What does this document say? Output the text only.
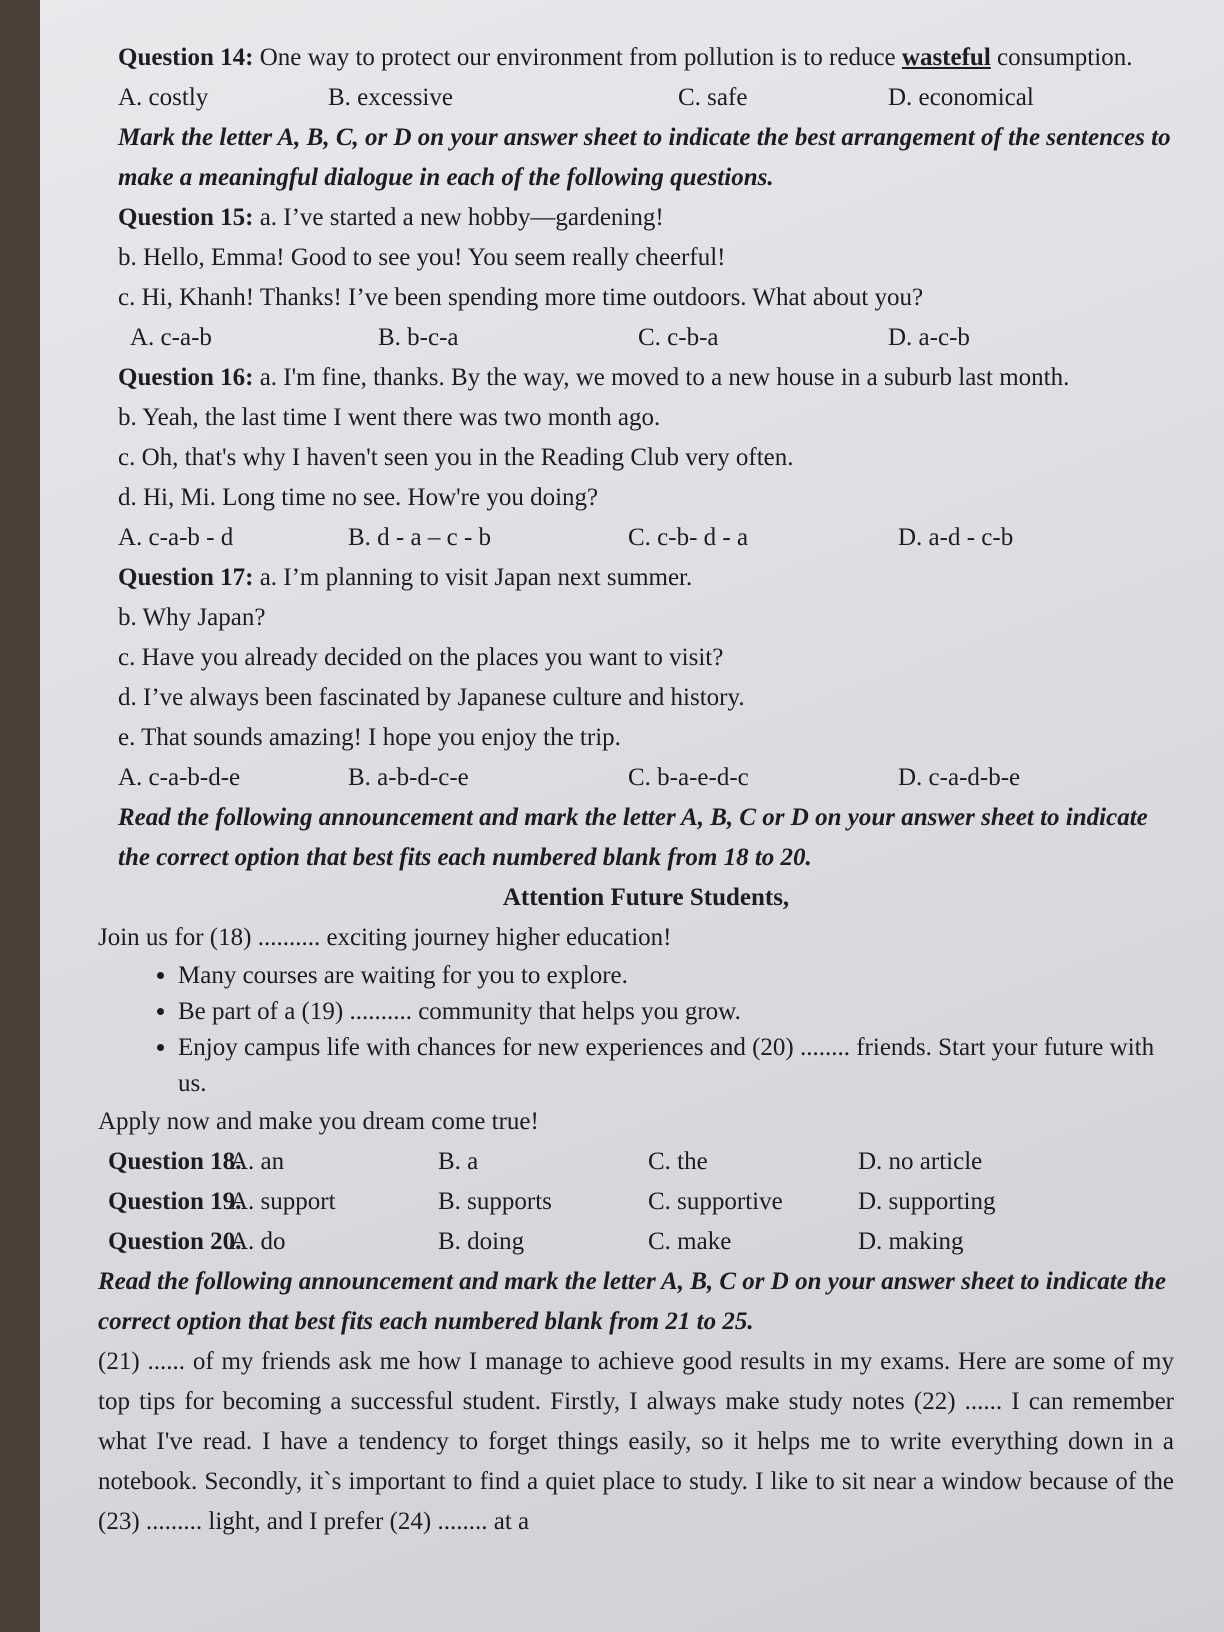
Question 14: One way to protect our environment from pollution is to reduce wasteful consumption.

A. costly	B. excessive	C. safe	D. economical

Mark the letter A, B, C, or D on your answer sheet to indicate the best arrangement of the sentences to make a meaningful dialogue in each of the following questions.

Question 15: a. I’ve started a new hobby—gardening!

b. Hello, Emma! Good to see you! You seem really cheerful!

c. Hi, Khanh! Thanks! I’ve been spending more time outdoors. What about you?

A. c-a-b	B. b-c-a	C. c-b-a	D. a-c-b

Question 16: a. I'm fine, thanks. By the way, we moved to a new house in a suburb last month.

b. Yeah, the last time I went there was two month ago.

c. Oh, that's why I haven't seen you in the Reading Club very often.

d. Hi, Mi. Long time no see. How're you doing?

A. c-a-b - d	B. d - a – c - b	C. c-b- d - a	D. a-d - c-b

Question 17: a. I’m planning to visit Japan next summer.

b. Why Japan?

c. Have you already decided on the places you want to visit?

d. I’ve always been fascinated by Japanese culture and history.

e. That sounds amazing! I hope you enjoy the trip.

A. c-a-b-d-e	B. a-b-d-c-e	C. b-a-e-d-c	D. c-a-d-b-e

Read the following announcement and mark the letter A, B, C or D on your answer sheet to indicate the correct option that best fits each numbered blank from 18 to 20.

Attention Future Students,

Join us for (18) .......... exciting journey higher education!

• Many courses are waiting for you to explore.
• Be part of a (19) .......... community that helps you grow.
• Enjoy campus life with chances for new experiences and (20) ........ friends. Start your future with us.

Apply now and make you dream come true!

Question 18.
A. an	B. a	C. the	D. no article
Question 19.
A. support	B. supports	C. supportive	D. supporting
Question 20.
A. do	B. doing	C. make	D. making

Read the following announcement and mark the letter A, B, C or D on your answer sheet to indicate the correct option that best fits each numbered blank from 21 to 25.

(21) ...... of my friends ask me how I manage to achieve good results in my exams. Here are some of my top tips for becoming a successful student. Firstly, I always make study notes (22) ...... I can remember what I've read. I have a tendency to forget things easily, so it helps me to write everything down in a notebook. Secondly, it`s important to find a quiet place to study. I like to sit near a window because of the (23) ......... light, and I prefer (24) ........ at a
